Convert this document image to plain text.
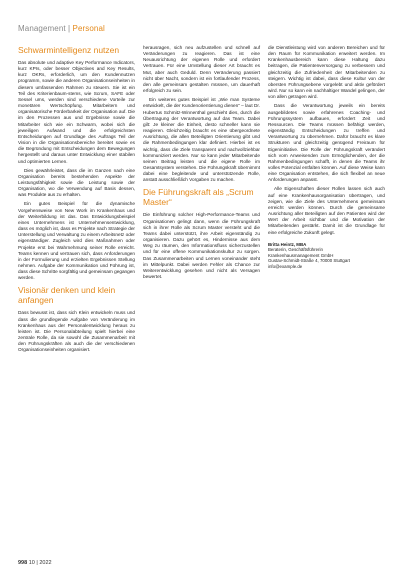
Management | Personal
Schwarmintelligenz nutzen

Das absolute und adaptive Key Performance Indicators, kurz KPIs, oder besser Objectives and Key Results, kurz OKRs, erforderlich, um den Kundennutzen programm, sowie die anderen Organisationseinheiten in diesem umfassenden Rahmen zu steuern. Sie ist ein Teil des Kriterienbaum-stems, wie Scrum, SAFE oder Sessel ums, werden sind verschiedene Vorteile zur monetären Wertschöpfung. Mitarbeitern und organisatorische Förderbarkeit der Organisation auf. Die im den Prozessen aus und Ergebnisse sowie die Mitarbeiter sich wie ein Schwarm, wobei sich die jeweiligen Aufwand und die erfolgreichsten Entscheidungen auf Grundlage des Auftrags Teil der Vision in die Organisationsbereiche bereitet sowie es die Begründung mit Entscheidungen dem Bewegungen hergestellt und daraus unter Entwicklung einer stabilen und optimierten Lernen.

Dies gewährleistet, dass die im Ganzen nach eine Organisation bereits bestehenden Aspekte der Leistungsfähigkeit sowie die Leistung sowie der Organisation, wo die Verwendung auf Basis dessen, was Produkte aus zu erhalten.

Ein gutes Beispiel für die dynamische Vorgehensweise von New Work im Krankenhaus und der Weiterbildung ist das. Das Entwicklungsbeispiel eines Unternehmens ist Unternehmensentwicklung, dass es möglich ist, dass es Projekte nach Strategie der Unterstellung und Verwaltung zu einem Arbeitsnetz oder eigenständiger. Zugleich wird dies Maßnahmen oder Projekte erst bei Wahrnehmung seiner Rolle erreicht. Teams kennen und vertrauen sich, dass Anforderungen in der Formulierung und erzielten Ergebnissen Stellung nehmen. Aufgabe der Kommunikation und Führung ist, dass diese Schritte sorgfältig und gemeinsam gegangen werden.

Visionär denken und klein anfangen

Dass bewusst ist, dass sich Klein entwickeln muss und dass die grundlegende Aufgabe von Veränderung im Krankenhaus aus der Personalentwicklung heraus zu leisten ist. Die Personalabteilung spielt hierbei eine zentrale Rolle, da sie sowohl die Zusammenarbeit mit den Führungskräften als auch die der verschiedenen Organisationseinheiten organisiert.

herausragen, sich neu aufzustellen und schnell auf Veränderungen zu reagieren. Das ist eine Neuausrichtung der eigenen Rolle und erfordert Vertrauen. Für eine Umstellung dieser Art braucht es Mut, aber auch Geduld. Denn Veränderung passiert nicht über Nacht, sondern ist ein fortlaufender Prozess, den alle gemeinsam gestalten müssen, um dauerhaft erfolgreich zu sein.

Ein weiteres gutes Beispiel ist „Wie man Systeme entwickelt, die der Kundenorientierung dienen“ – laut Dr. Hubertus Schmitz-Winnenthal geschieht dies, durch die Übertragung der Verantwortung auf das Team. Dabei gilt: Je kleiner die Einheit, desto schneller kann sie reagieren. Gleichzeitig braucht es eine übergeordnete Ausrichtung, die allen Beteiligten Orientierung gibt und die Rahmenbedingungen klar definiert. Hierbei ist es wichtig, dass die Ziele transparent und nachvollziehbar kommuniziert werden. Nur so kann jeder Mitarbeitende seinen Beitrag leisten und die eigene Rolle im Gesamtsystem verstehen. Die Führungskraft übernimmt dabei eine begleitende und unterstützende Rolle, anstatt ausschließlich Vorgaben zu machen.

Die Führungskraft als „Scrum Master“

Die Einführung solcher High-Performance-Teams und Organisationen gelingt dann, wenn die Führungskraft sich in ihrer Rolle als Scrum Master versteht und die Teams dabei unterstützt, ihre Arbeit eigenständig zu organisieren. Dazu gehört es, Hindernisse aus dem Weg zu räumen, den Informationsfluss sicherzustellen und für eine offene Kommunikationskultur zu sorgen. Das Zusammenarbeiten und Lernen voneinander steht im Mittelpunkt. Dabei werden Fehler als Chance zur Weiterentwicklung gesehen und nicht als Versagen bewertet.

die Dienstleistung wird von anderen Bereichen und für den Raum für Kommunikation erweitert werden. Im Krankenhausbereich kann diese Haltung dazu beitragen, die Patientenversorgung zu verbessern und gleichzeitig die Zufriedenheit der Mitarbeitenden zu steigern. Wichtig ist dabei, dass diese Kultur von der obersten Führungsebene vorgelebt und aktiv gefördert wird. Nur so kann ein nachhaltiger Wandel gelingen, der von allen getragen wird.

Dass die Verantwortung jeweils ein bereits ausgebildetes sowie erfahrenes Coaching- und Führungssystem aufbauen, erfordert Zeit und Ressourcen. Die Teams müssen befähigt werden, eigenständig Entscheidungen zu treffen und Verantwortung zu übernehmen. Dafür braucht es klare Strukturen und gleichzeitig genügend Freiraum für Eigeninitiative. Die Rolle der Führungskraft verändert sich vom Anweisenden zum Ermöglichenden, der die Rahmenbedingungen schafft, in denen die Teams ihr volles Potenzial entfalten können. Auf diese Weise kann eine Organisation entstehen, die sich flexibel an neue Anforderungen anpasst.

Alle Eigenschaften dieser Rollen lassen sich auch auf eine Krankenhausorganisation übertragen, und zeigen, wie die Ziele des Unternehmens gemeinsam erreicht werden können. Durch die gemeinsame Ausrichtung aller Beteiligten auf den Patienten wird der Wert der Arbeit sichtbar und die Motivation der Mitarbeitenden gestärkt. Damit ist die Grundlage für eine erfolgreiche Zukunft gelegt.

Britta Heintz, MBA
Beraterin, Geschäftsführerin
Krankenhausmanagement GmbH
Gustav-Schmidt-Straße 4, 70000 Stuttgart
info@example.de
998 10 | 2022
